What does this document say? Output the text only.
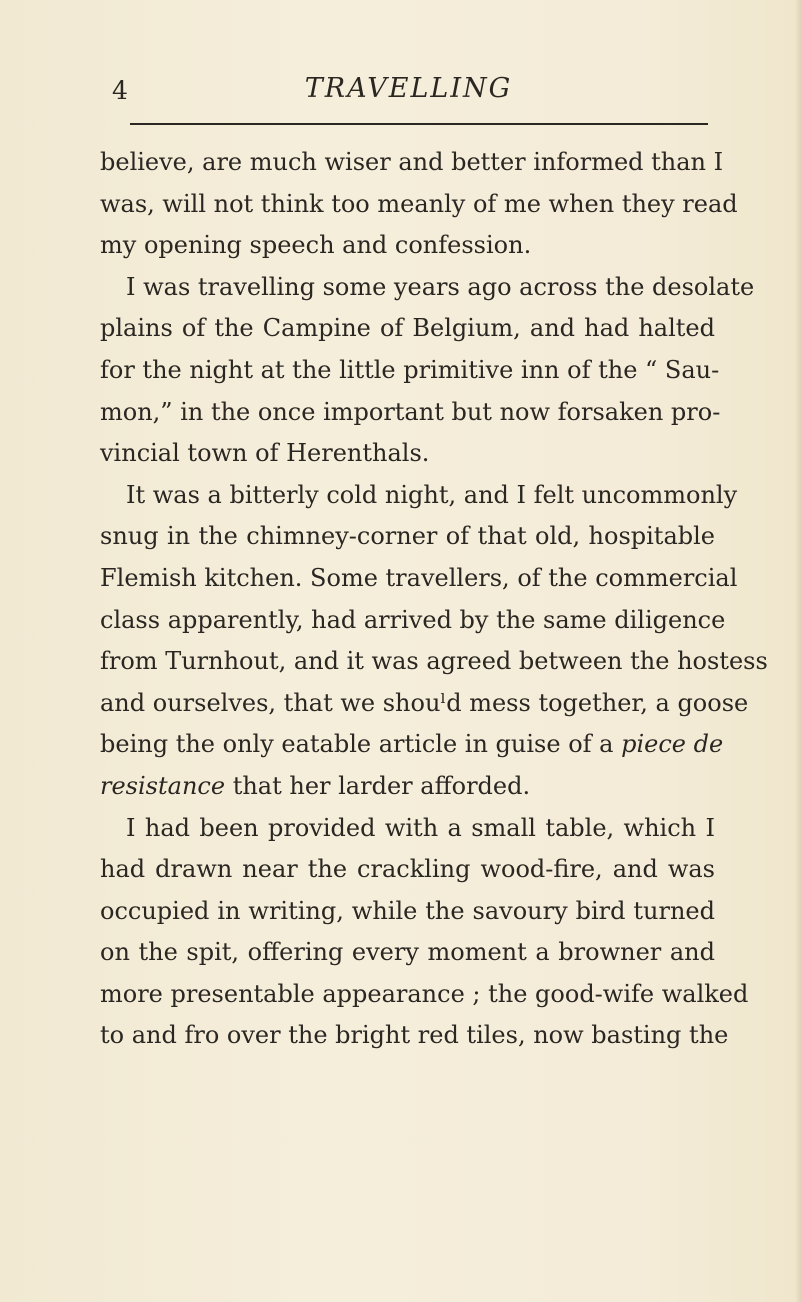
4	TRAVELLING
believe, are much wiser and better informed than I
was, will not think too meanly of me when they read
my opening speech and confession.
I was travelling some years ago across the desolate
plains of the Campine of Belgium, and had halted
for the night at the little primitive inn of the “ Sau-
mon,” in the once important but now forsaken pro-
vincial town of Herenthals.
It was a bitterly cold night, and I felt uncommonly
snug in the chimney-corner of that old, hospitable
Flemish kitchen. Some travellers, of the commercial
class apparently, had arrived by the same diligence
from Turnhout, and it was agreed between the hostess
and ourselves, that we shouˡd mess together, a goose
being the only eatable article in guise of a piece de
resistance that her larder afforded.
I had been provided with a small table, which I
had drawn near the crackling wood-fire, and was
occupied in writing, while the savoury bird turned
on the spit, offering every moment a browner and
more presentable appearance ; the good-wife walked
to and fro over the bright red tiles, now basting the
